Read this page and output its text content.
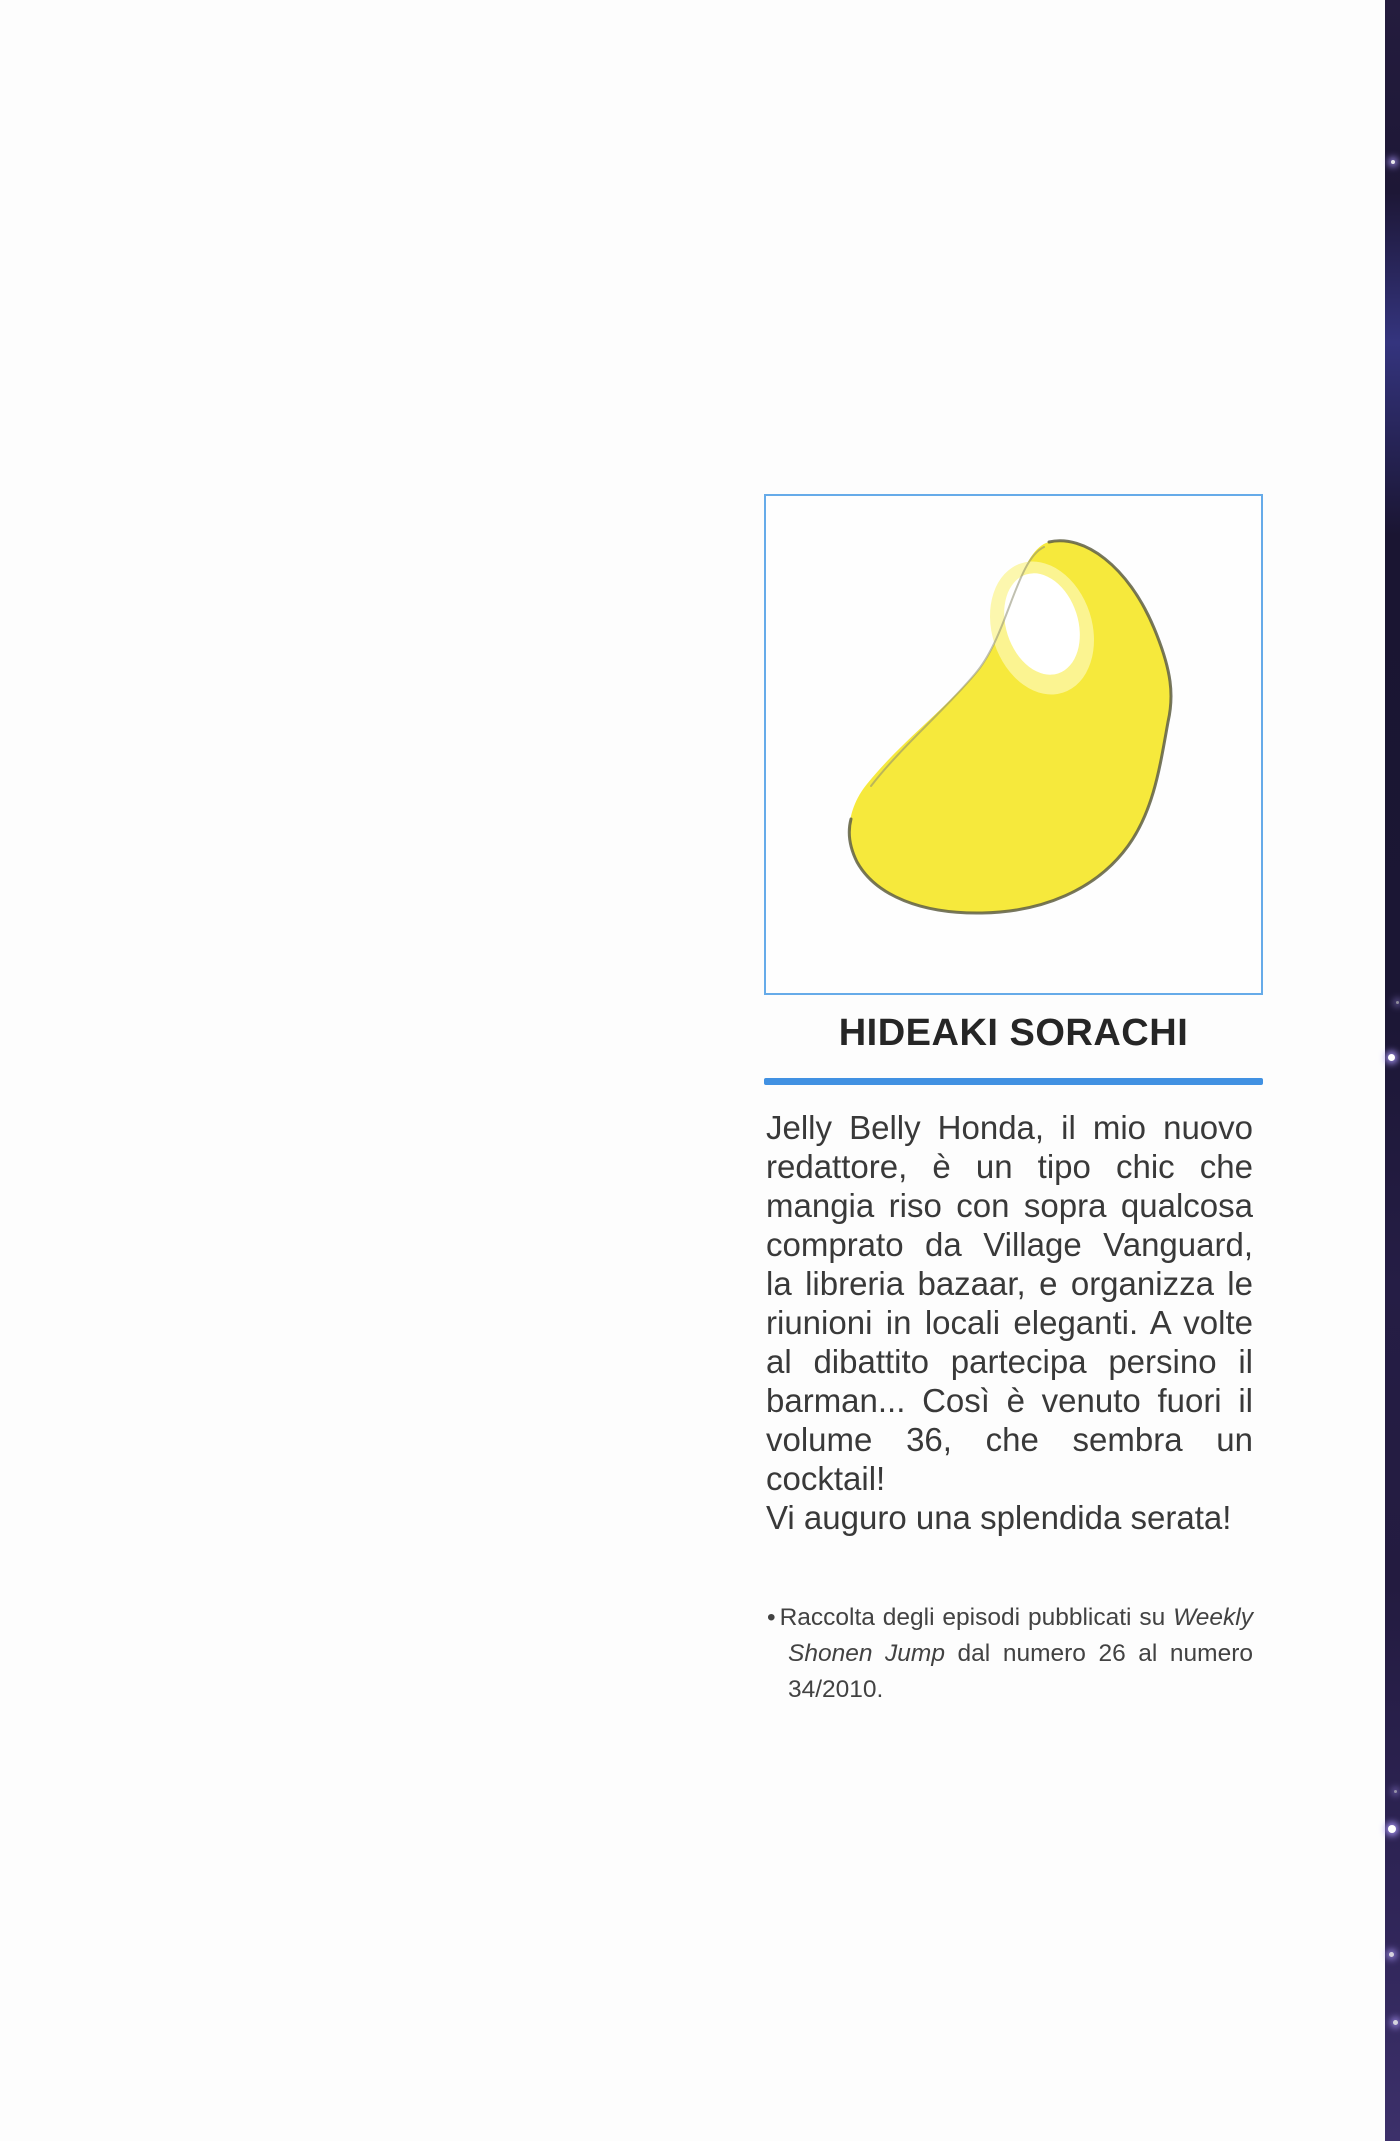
HIDEAKI SORACHI
Jelly Belly Honda, il mio nuovo
redattore, è un tipo chic che
mangia riso con sopra qualcosa
comprato da Village Vanguard,
la libreria bazaar, e organizza le
riunioni in locali eleganti. A volte
al dibattito partecipa persino il
barman... Così è venuto fuori il
volume 36, che sembra un
cocktail!
Vi auguro una splendida serata!
• Raccolta degli episodi pubblicati su Weekly
Shonen Jump dal numero 26 al numero
34/2010.
